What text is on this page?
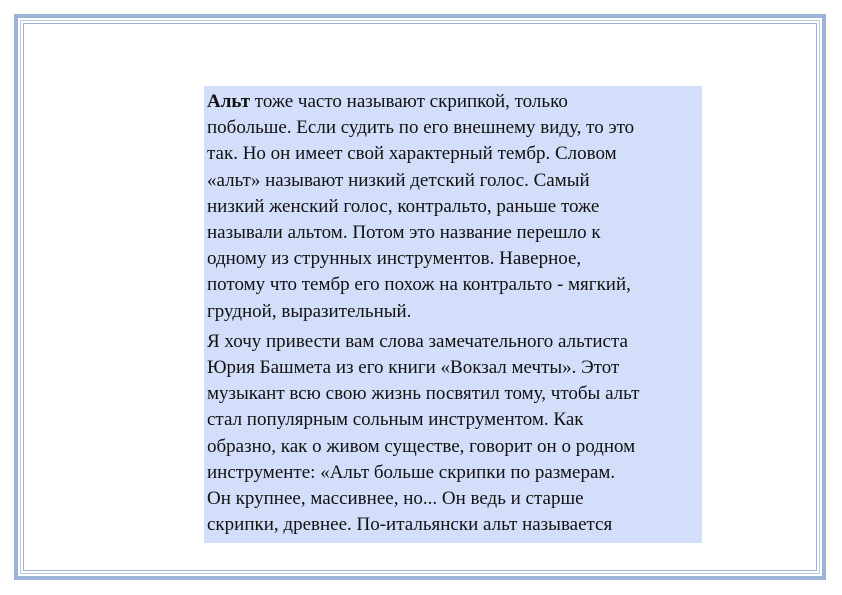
Альт тоже часто называют скрипкой, только
побольше. Если судить по его внешнему виду, то это
так. Но он имеет свой характерный тембр. Словом
«альт» называют низкий детский голос. Самый
низкий женский голос, контральто, раньше тоже
называли альтом. Потом это название перешло к
одному из струнных инструментов. Наверное,
потому что тембр его похож на контральто - мягкий,
грудной, выразительный.

Я хочу привести вам слова замечательного альтиста
Юрия Башмета из его книги «Вокзал мечты». Этот
музыкант всю свою жизнь посвятил тому, чтобы альт
стал популярным сольным инструментом. Как
образно, как о живом существе, говорит он о родном
инструменте: «Альт больше скрипки по размерам.
Он крупнее, массивнее, но... Он ведь и старше
скрипки, древнее. По-итальянски альт называется
